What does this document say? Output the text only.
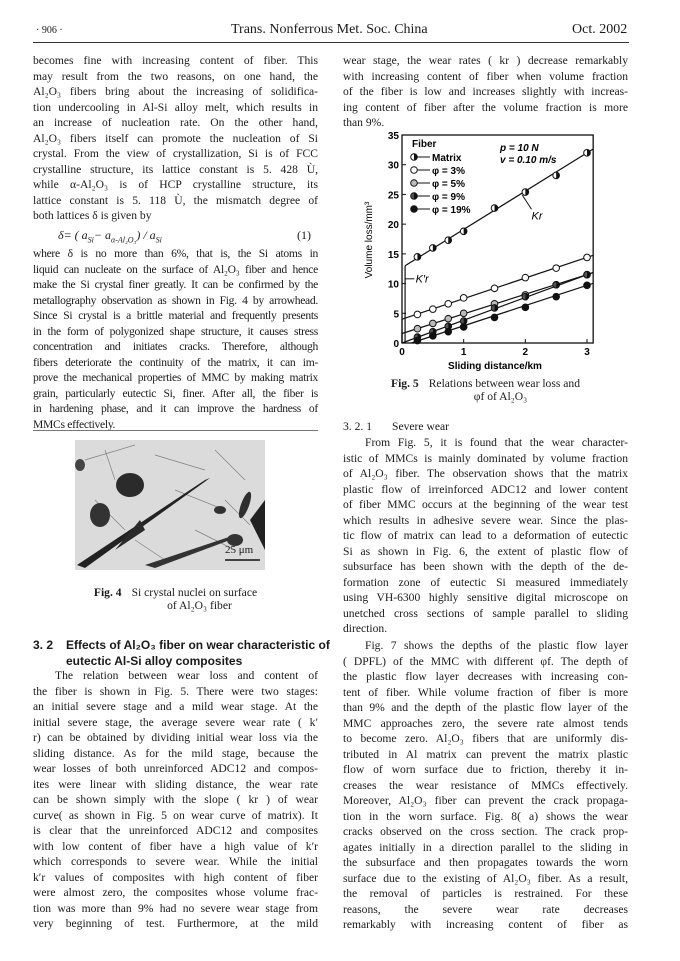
· 906 ·	Trans. Nonferrous Met. Soc. China	Oct. 2002
becomes fine with increasing content of fiber. This
may result from the two reasons, on one hand, the
Al₂O₃ fibers bring about the increasing of solidifica-
tion undercooling in Al-Si alloy melt, which results in
an increase of nucleation rate. On the other hand,
Al₂O₃ fibers itself can promote the nucleation of Si
crystal. From the view of crystallization, Si is of FCC
crystalline structure, its lattice constant is 5. 428 Ù,
while α-Al₂O₃ is of HCP crystalline structure, its
lattice constant is 5. 118 Ù, the mismatch degree of
both lattices δ is given by
δ= ( $a_{Si}- a_{\alpha-Al_2O_3}) / a_{Si}$	(1)
where δ is no more than 6%, that is, the Si atoms in
liquid can nucleate on the surface of Al₂O₃ fiber and hence
make the Si crystal finer greatly. It can be confirmed by the
metallography observation as shown in Fig. 4 by arrowhead.
Since Si crystal is a brittle material and frequently presents
in the form of polygonized shape structure, it causes stress
concentration and initiates cracks. Therefore, although
fibers deteriorate the continuity of the matrix, it can im-
prove the mechanical properties of MMC by making matrix
grain, particularly eutectic Si, finer. After all, the fiber is
in hardening phase, and it can improve the hardness of
MMCs effectively.
25 μm
Fig. 4 Si crystal nuclei on surface
of Al₂O₃ fiber
3. 2 Effects of Al₂O₃ fiber on wear characteristic of
eutectic Al-Si alloy composites
The relation between wear loss and content of
the fiber is shown in Fig. 5. There were two stages:
an initial severe stage and a mild wear stage. At the
initial severe stage, the average severe wear rate ( k′
r) can be obtained by dividing initial wear loss via the
sliding distance. As for the mild stage, because the
wear losses of both unreinforced ADC12 and compos-
ites were linear with sliding distance, the wear rate
can be shown simply with the slope ( kr ) of wear
curve( as shown in Fig. 5 on wear curve of matrix). It
is clear that the unreinforced ADC12 and composites
with low content of fiber have a high value of k′r
which corresponds to severe wear. While the initial
k′r values of composites with high content of fiber
were almost zero, the composites whose volume frac-
tion was more than 9% had no severe wear stage from
very beginning of test. Furthermore, at the mild
wear stage, the wear rates ( kr ) decrease remarkably
with increasing content of fiber when volume fraction
of the fiber is low and increases slightly with increas-
ing content of fiber after the volume fraction is more
than 9%.
0
5
10
15
20
25
30
35
0	1	2	3
Sliding distance/km
Volume loss/mm³
Matrix
φ = 3%
φ = 5%
φ = 9%
φ = 19%
Fiber	p = 10 N
v = 0.10 m/s
Kr
K′r
Fig. 5 Relations between wear loss and
φf of Al₂O₃
3. 2. 1 Severe wear
From Fig. 5, it is found that the wear character-
istic of MMCs is mainly dominated by volume fraction
of Al₂O₃ fiber. The observation shows that the matrix
plastic flow of irreinforced ADC12 and lower content
of fiber MMC occurs at the beginning of the wear test
which results in adhesive severe wear. Since the plas-
tic flow of matrix can lead to a deformation of eutectic
Si as shown in Fig. 6, the extent of plastic flow of
subsurface has been shown with the depth of the de-
formation zone of eutectic Si measured immediately
using VH-6300 highly sensitive digital microscope on
unetched cross sections of sample parallel to sliding
direction.
Fig. 7 shows the depths of the plastic flow layer
( DPFL) of the MMC with different φf. The depth of
the plastic flow layer decreases with increasing con-
tent of fiber. While volume fraction of fiber is more
than 9% and the depth of the plastic flow layer of the
MMC approaches zero, the severe rate almost tends
to become zero. Al₂O₃ fibers that are uniformly dis-
tributed in Al matrix can prevent the matrix plastic
flow of worn surface due to friction, thereby it in-
creases the wear resistance of MMCs effectively.
Moreover, Al₂O₃ fiber can prevent the crack propaga-
tion in the worn surface. Fig. 8( a) shows the wear
cracks observed on the cross section. The crack prop-
agates initially in a direction parallel to the sliding in
the subsurface and then propagates towards the worn
surface due to the existing of Al₂O₃ fiber. As a result,
the removal of particles is restrained. For these
reasons, the severe wear rate decreases
remarkably with increasing content of fiber as
